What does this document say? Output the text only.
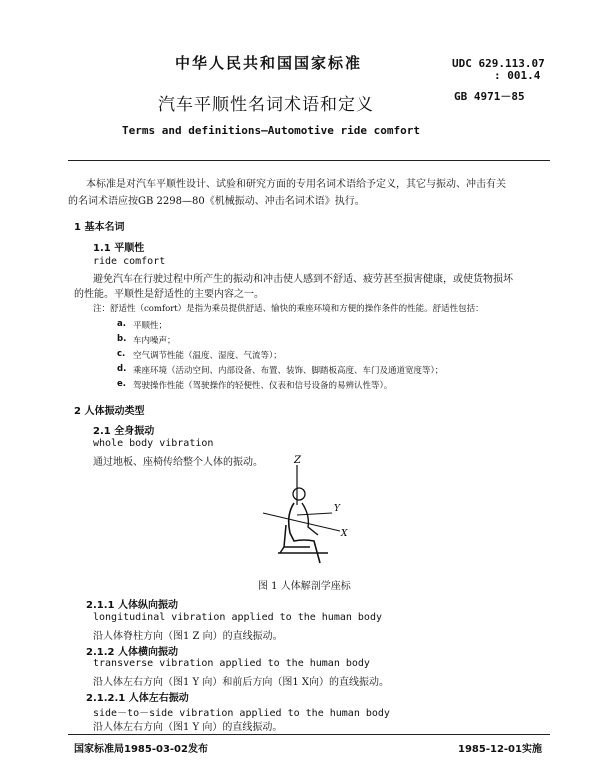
中华人民共和国国家标准	UDC 629.113.07
: 001.4
GB 4971－85
汽车平顺性名词术语和定义
Terms and definitions—Automotive ride comfort
本标准是对汽车平顺性设计、试验和研究方面的专用名词术语给予定义，其它与振动、冲击有关
的名词术语应按GB 2298—80《机械振动、冲击名词术语》执行。
1 基本名词
1.1 平顺性
ride comfort
避免汽车在行驶过程中所产生的振动和冲击使人感到不舒适、疲劳甚至损害健康，或使货物损坏
的性能。平顺性是舒适性的主要内容之一。
注：舒适性（comfort）是指为乘员提供舒适、愉快的乘座环境和方便的操作条件的性能。舒适性包括：
a. 平顺性；
b. 车内噪声；
c. 空气调节性能（温度、湿度、气流等）；
d. 乘座环境（活动空间、内部设备、布置、装饰、脚踏板高度、车门及通道宽度等）；
e. 驾驶操作性能（驾驶操作的轻便性、仪表和信号设备的易辨认性等）。
2 人体振动类型
2.1 全身振动
whole body vibration
通过地板、座椅传给整个人体的振动。	Z
Y
X
图 1 人体解剖学座标
2.1.1 人体纵向振动
longitudinal vibration applied to the human body
沿人体脊柱方向（图1 Z 向）的直线振动。
2.1.2 人体横向振动
transverse vibration applied to the human body
沿人体左右方向（图1 Y 向）和前后方向（图1 X向）的直线振动。
2.1.2.1 人体左右振动
side－to－side vibration applied to the human body
沿人体左右方向（图1 Y 向）的直线振动。
国家标准局1985-03-02发布	1985-12-01实施
